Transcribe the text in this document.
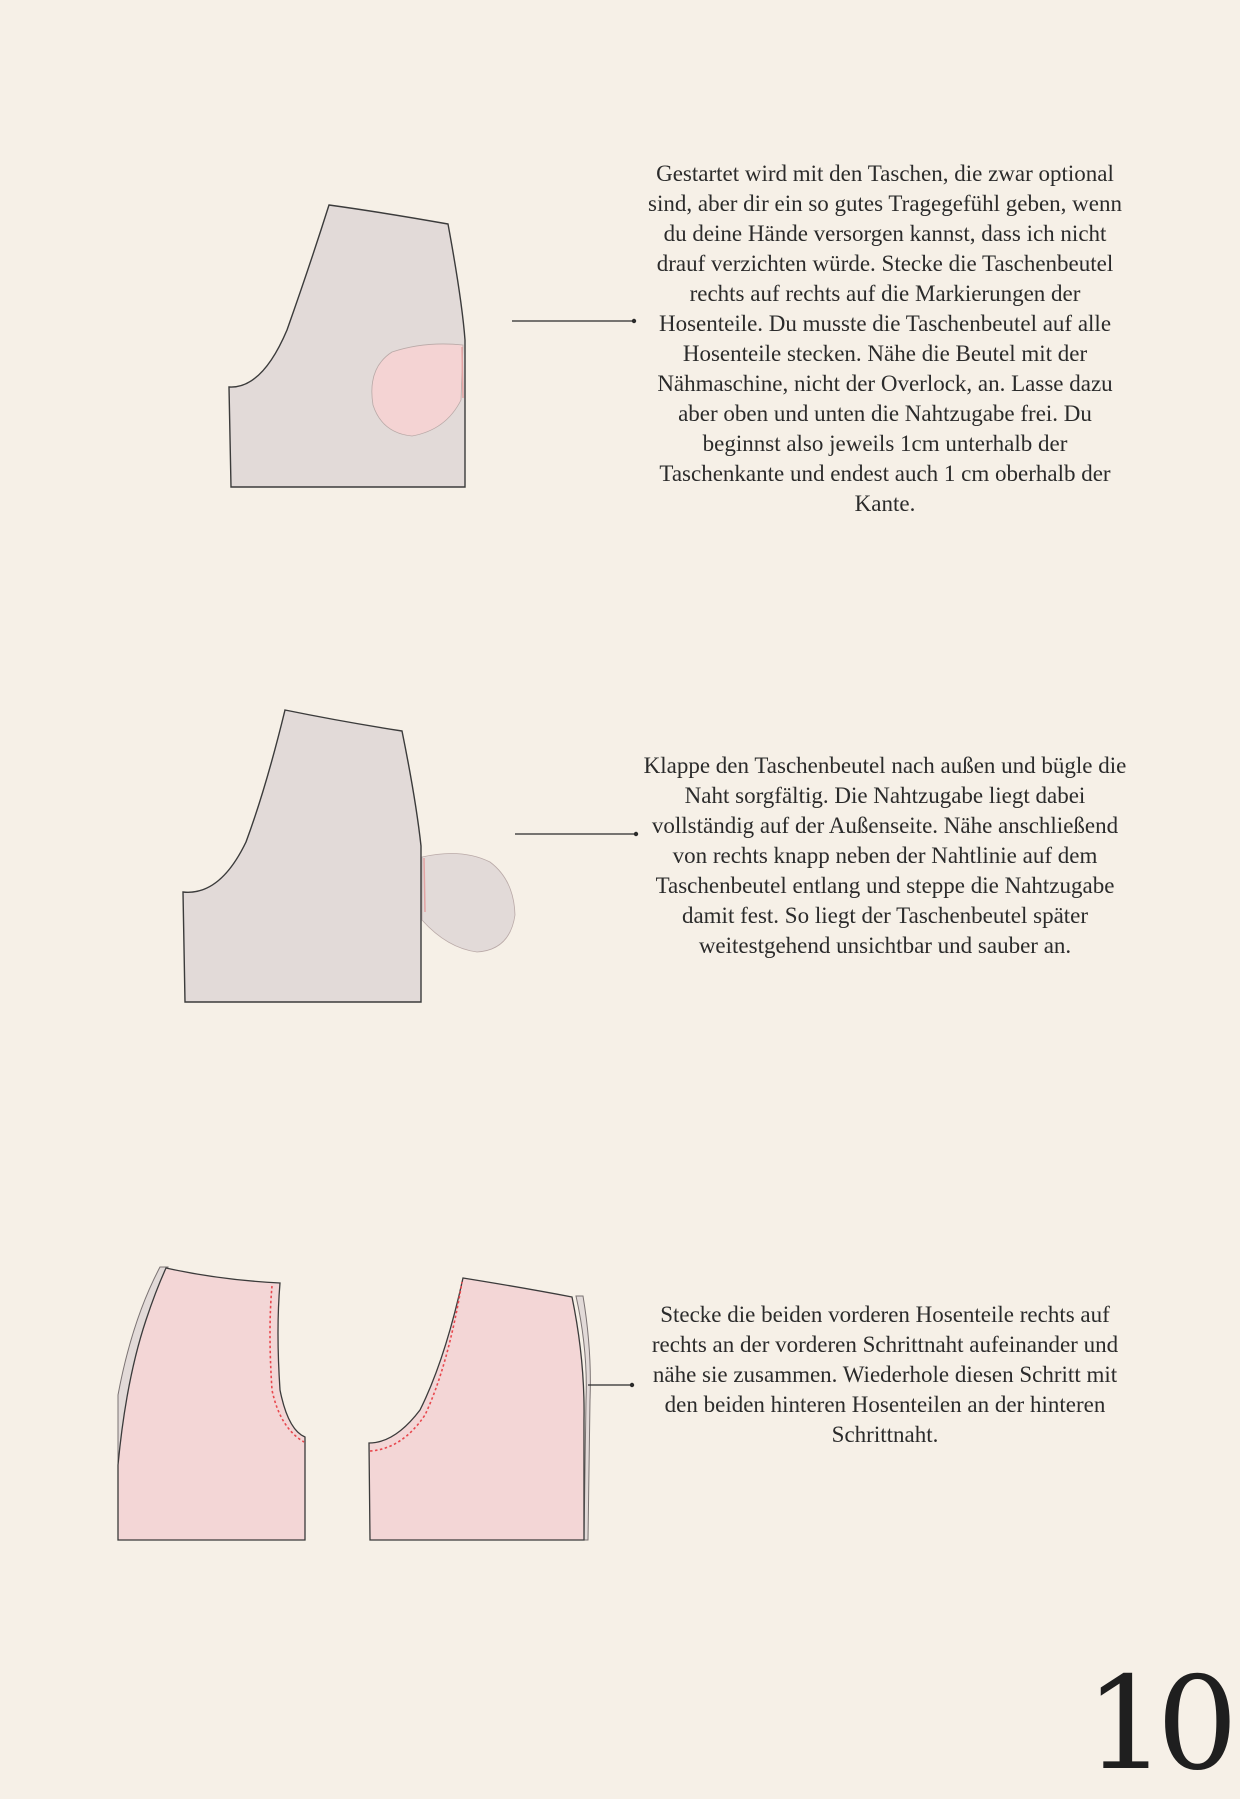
Gestartet wird mit den Taschen, die zwar optional sind, aber dir ein so gutes Tragegefühl geben, wenn du deine Hände versorgen kannst, dass ich nicht drauf verzichten würde. Stecke die Taschenbeutel rechts auf rechts auf die Markierungen der Hosenteile. Du musste die Taschenbeutel auf alle Hosenteile stecken. Nähe die Beutel mit der Nähmaschine, nicht der Overlock, an. Lasse dazu aber oben und unten die Nahtzugabe frei. Du beginnst also jeweils 1cm unterhalb der Taschenkante und endest auch 1 cm oberhalb der Kante.

Klappe den Taschenbeutel nach außen und bügle die Naht sorgfältig. Die Nahtzugabe liegt dabei vollständig auf der Außenseite. Nähe anschließend von rechts knapp neben der Nahtlinie auf dem Taschenbeutel entlang und steppe die Nahtzugabe damit fest. So liegt der Taschenbeutel später weitestgehend unsichtbar und sauber an.

Stecke die beiden vorderen Hosenteile rechts auf rechts an der vorderen Schrittnaht aufeinander und nähe sie zusammen. Wiederhole diesen Schritt mit den beiden hinteren Hosenteilen an der hinteren Schrittnaht.

10
